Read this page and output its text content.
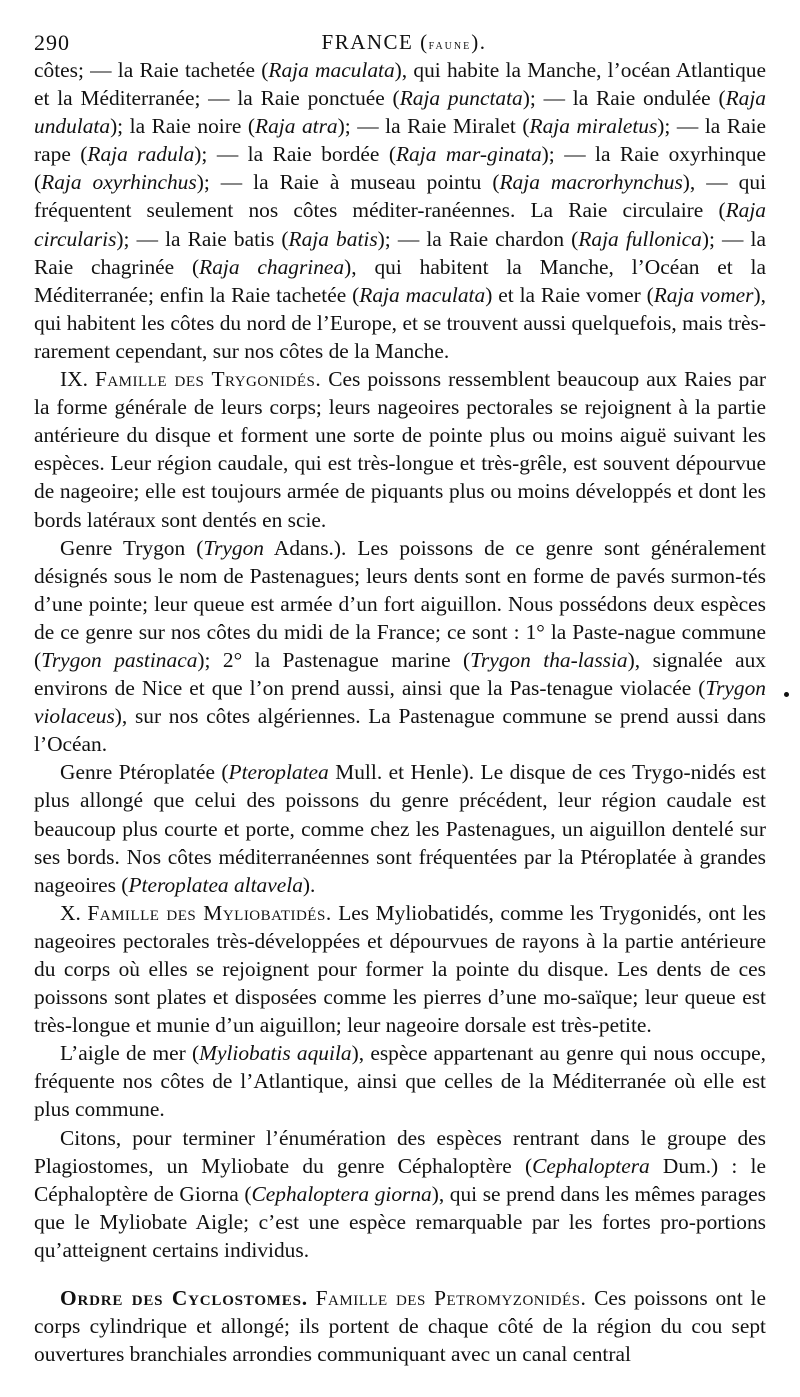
290	FRANCE (faune).

côtes; — la Raie tachetée (Raja maculata), qui habite la Manche, l’océan Atlantique et la Méditerranée; — la Raie ponctuée (Raja punctata); — la Raie ondulée (Raja undulata); la Raie noire (Raja atra); — la Raie Miralet (Raja miraletus); — la Raie rape (Raja radula); — la Raie bordée (Raja mar-ginata); — la Raie oxyrhinque (Raja oxyrhinchus); — la Raie à museau pointu (Raja macrorhynchus), — qui fréquentent seulement nos côtes méditer-ranéennes. La Raie circulaire (Raja circularis); — la Raie batis (Raja batis); — la Raie chardon (Raja fullonica); — la Raie chagrinée (Raja chagrinea), qui habitent la Manche, l’Océan et la Méditerranée; enfin la Raie tachetée (Raja maculata) et la Raie vomer (Raja vomer), qui habitent les côtes du nord de l’Europe, et se trouvent aussi quelquefois, mais très-rarement cependant, sur nos côtes de la Manche.

IX. Famille des Trygonidés. Ces poissons ressemblent beaucoup aux Raies par la forme générale de leurs corps; leurs nageoires pectorales se rejoignent à la partie antérieure du disque et forment une sorte de pointe plus ou moins aiguë suivant les espèces. Leur région caudale, qui est très-longue et très-grêle, est souvent dépourvue de nageoire; elle est toujours armée de piquants plus ou moins développés et dont les bords latéraux sont dentés en scie.

Genre Trygon (Trygon Adans.). Les poissons de ce genre sont généralement désignés sous le nom de Pastenagues; leurs dents sont en forme de pavés surmon-tés d’une pointe; leur queue est armée d’un fort aiguillon. Nous possédons deux espèces de ce genre sur nos côtes du midi de la France; ce sont : 1° la Paste-nague commune (Trygon pastinaca); 2° la Pastenague marine (Trygon tha-lassia), signalée aux environs de Nice et que l’on prend aussi, ainsi que la Pas-tenague violacée (Trygon violaceus), sur nos côtes algériennes. La Pastenague commune se prend aussi dans l’Océan.

Genre Ptéroplatée (Pteroplatea Mull. et Henle). Le disque de ces Trygo-nidés est plus allongé que celui des poissons du genre précédent, leur région caudale est beaucoup plus courte et porte, comme chez les Pastenagues, un aiguillon dentelé sur ses bords. Nos côtes méditerranéennes sont fréquentées par la Ptéroplatée à grandes nageoires (Pteroplatea altavela).

X. Famille des Myliobatidés. Les Myliobatidés, comme les Trygonidés, ont les nageoires pectorales très-développées et dépourvues de rayons à la partie antérieure du corps où elles se rejoignent pour former la pointe du disque. Les dents de ces poissons sont plates et disposées comme les pierres d’une mo-saïque; leur queue est très-longue et munie d’un aiguillon; leur nageoire dorsale est très-petite.

L’aigle de mer (Myliobatis aquila), espèce appartenant au genre qui nous occupe, fréquente nos côtes de l’Atlantique, ainsi que celles de la Méditerranée où elle est plus commune.

Citons, pour terminer l’énumération des espèces rentrant dans le groupe des Plagiostomes, un Myliobate du genre Céphaloptère (Cephaloptera Dum.) : le Céphaloptère de Giorna (Cephaloptera giorna), qui se prend dans les mêmes parages que le Myliobate Aigle; c’est une espèce remarquable par les fortes pro-portions qu’atteignent certains individus.

Ordre des Cyclostomes. Famille des Petromyzonidés. Ces poissons ont le corps cylindrique et allongé; ils portent de chaque côté de la région du cou sept ouvertures branchiales arrondies communiquant avec un canal central
